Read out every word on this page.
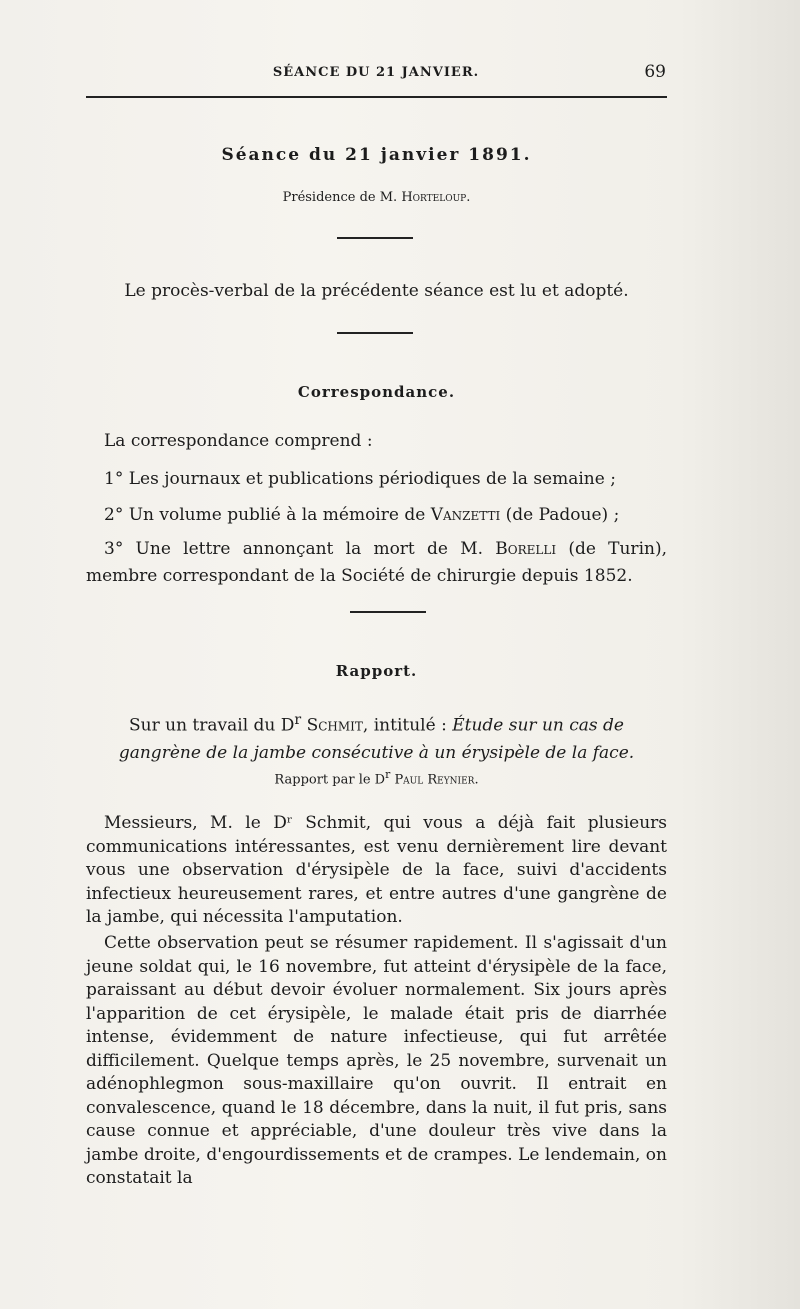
SÉANCE DU 21 JANVIER.	69
Séance du 21 janvier 1891.
Présidence de M. Horteloup.
Le procès-verbal de la précédente séance est lu et adopté.
Correspondance.
La correspondance comprend :
1° Les journaux et publications périodiques de la semaine ;
2° Un volume publié à la mémoire de Vanzetti (de Padoue) ;
3° Une lettre annonçant la mort de M. Borelli (de Turin), membre correspondant de la Société de chirurgie depuis 1852.
Rapport.
Sur un travail du $D^r$ Schmit, intitulé : Étude sur un cas de gangrène de la jambe consécutive à un érysipèle de la face.
Rapport par le $D^r$ Paul Reynier.
Messieurs, M. le Dʳ Schmit, qui vous a déjà fait plusieurs communications intéressantes, est venu dernièrement lire devant vous une observation d'érysipèle de la face, suivi d'accidents infectieux heureusement rares, et entre autres d'une gangrène de la jambe, qui nécessita l'amputation.
Cette observation peut se résumer rapidement. Il s'agissait d'un jeune soldat qui, le 16 novembre, fut atteint d'érysipèle de la face, paraissant au début devoir évoluer normalement. Six jours après l'apparition de cet érysipèle, le malade était pris de diarrhée intense, évidemment de nature infectieuse, qui fut arrêtée difficilement. Quelque temps après, le 25 novembre, survenait un adénophlegmon sous-maxillaire qu'on ouvrit. Il entrait en convalescence, quand le 18 décembre, dans la nuit, il fut pris, sans cause connue et appréciable, d'une douleur très vive dans la jambe droite, d'engourdissements et de crampes. Le lendemain, on constatait la
